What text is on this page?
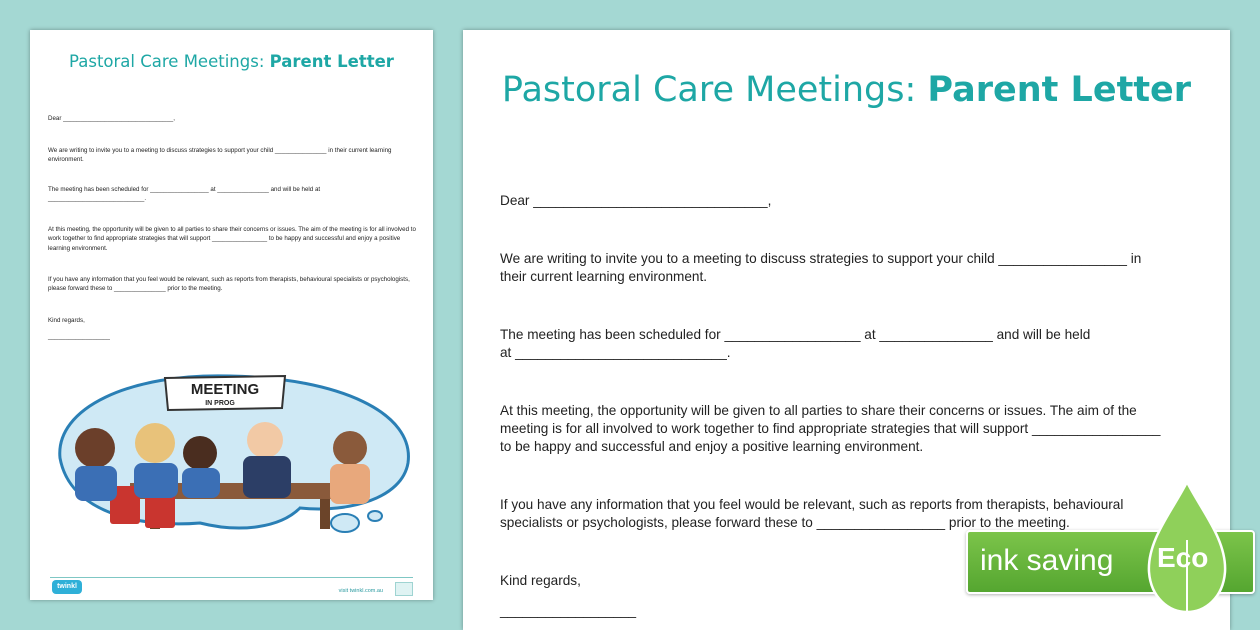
Pastoral Care Meetings: Parent Letter
Dear ________________________________,
We are writing to invite you to a meeting to discuss strategies to support your child _______________ in their current learning environment.
The meeting has been scheduled for _________________ at _______________ and will be held at ____________________________.
At this meeting, the opportunity will be given to all parties to share their concerns or issues. The aim of the meeting is for all involved to work together to find appropriate strategies that will support ________________ to be happy and successful and enjoy a positive learning environment.
If you have any information that you feel would be relevant, such as reports from therapists, behavioural specialists or psychologists, please forward these to _______________ prior to the meeting.
Kind regards,
__________________
MEETING
IN PROG
twinkl
visit twinkl.com.au
Pastoral Care Meetings: Parent Letter
Dear _______________________________,
We are writing to invite you to a meeting to discuss strategies to support your child _________________ in
their current learning environment.
The meeting has been scheduled for __________________ at _______________ and will be held
at ____________________________.
At this meeting, the opportunity will be given to all parties to share their concerns or issues. The aim of the
meeting is for all involved to work together to find appropriate strategies that will support _________________
to be happy and successful and enjoy a positive learning environment.
If you have any information that you feel would be relevant, such as reports from therapists, behavioural
specialists or psychologists, please forward these to _________________ prior to the meeting.
Kind regards,
__________________
ink saving Eco
